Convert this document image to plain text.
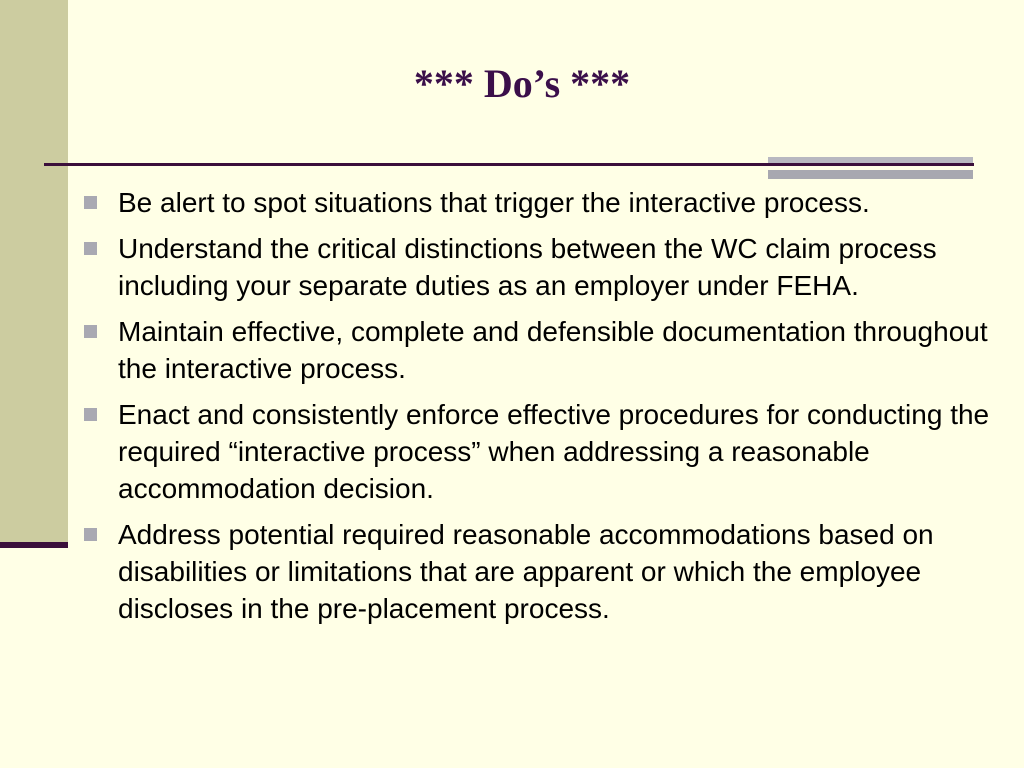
*** Do’s ***
Be alert to spot situations that trigger the interactive process.
Understand the critical distinctions between the WC claim process including your separate duties as an employer under FEHA.
Maintain effective, complete and defensible documentation throughout the interactive process.
Enact and consistently enforce effective procedures for conducting the required “interactive process” when addressing a reasonable accommodation decision.
Address potential required reasonable accommodations based on disabilities or limitations that are apparent or which the employee discloses in the pre-placement process.
